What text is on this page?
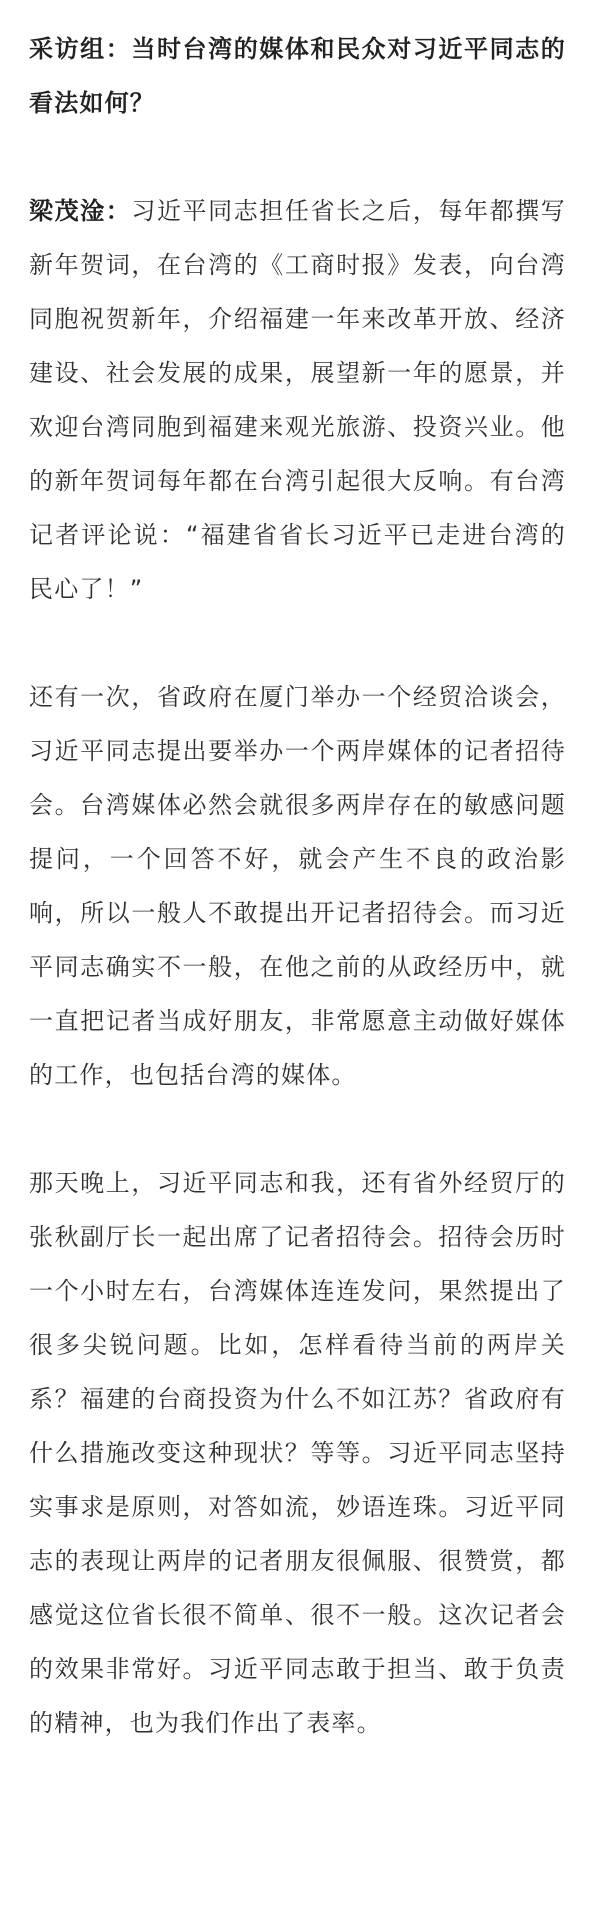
采访组：当时台湾的媒体和民众对习近平同志的看法如何？

梁茂淦：习近平同志担任省长之后，每年都撰写新年贺词，在台湾的《工商时报》发表，向台湾同胞祝贺新年，介绍福建一年来改革开放、经济建设、社会发展的成果，展望新一年的愿景，并欢迎台湾同胞到福建来观光旅游、投资兴业。他的新年贺词每年都在台湾引起很大反响。有台湾记者评论说：“福建省省长习近平已走进台湾的民心了！”

还有一次，省政府在厦门举办一个经贸洽谈会，习近平同志提出要举办一个两岸媒体的记者招待会。台湾媒体必然会就很多两岸存在的敏感问题提问，一个回答不好，就会产生不良的政治影响，所以一般人不敢提出开记者招待会。而习近平同志确实不一般，在他之前的从政经历中，就一直把记者当成好朋友，非常愿意主动做好媒体的工作，也包括台湾的媒体。

那天晚上，习近平同志和我，还有省外经贸厅的张秋副厅长一起出席了记者招待会。招待会历时一个小时左右，台湾媒体连连发问，果然提出了很多尖锐问题。比如，怎样看待当前的两岸关系？福建的台商投资为什么不如江苏？省政府有什么措施改变这种现状？等等。习近平同志坚持实事求是原则，对答如流，妙语连珠。习近平同志的表现让两岸的记者朋友很佩服、很赞赏，都感觉这位省长很不简单、很不一般。这次记者会的效果非常好。习近平同志敢于担当、敢于负责的精神，也为我们作出了表率。
